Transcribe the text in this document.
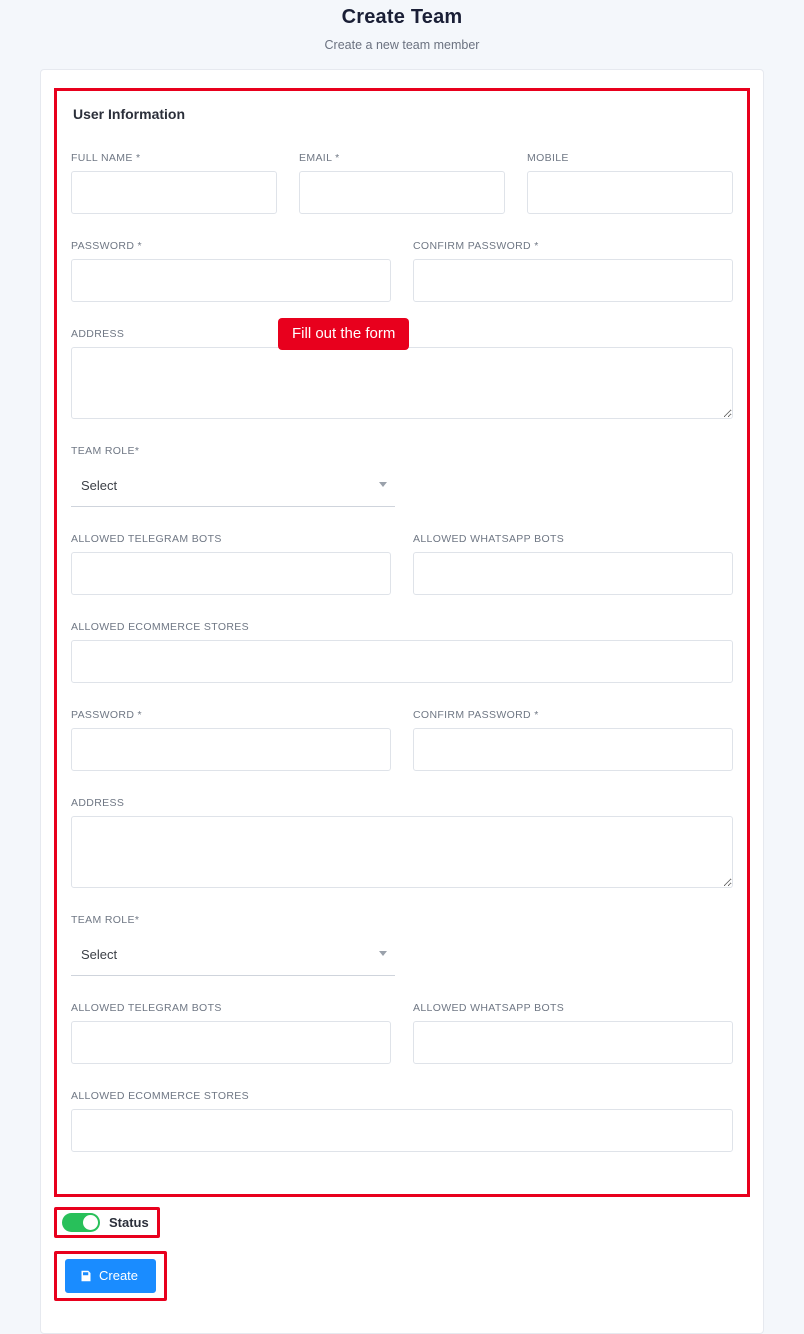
Create Team

Create a new team member

User Information
FULL NAME *	EMAIL *	MOBILE
PASSWORD *	CONFIRM PASSWORD *
ADDRESS
TEAM ROLE*
Select
ALLOWED TELEGRAM BOTS	ALLOWED WHATSAPP BOTS
ALLOWED ECOMMERCE STORES
PASSWORD *	CONFIRM PASSWORD *
ADDRESS
TEAM ROLE*
Select
ALLOWED TELEGRAM BOTS	ALLOWED WHATSAPP BOTS
ALLOWED ECOMMERCE STORES
Status
Create
Fill out the form
